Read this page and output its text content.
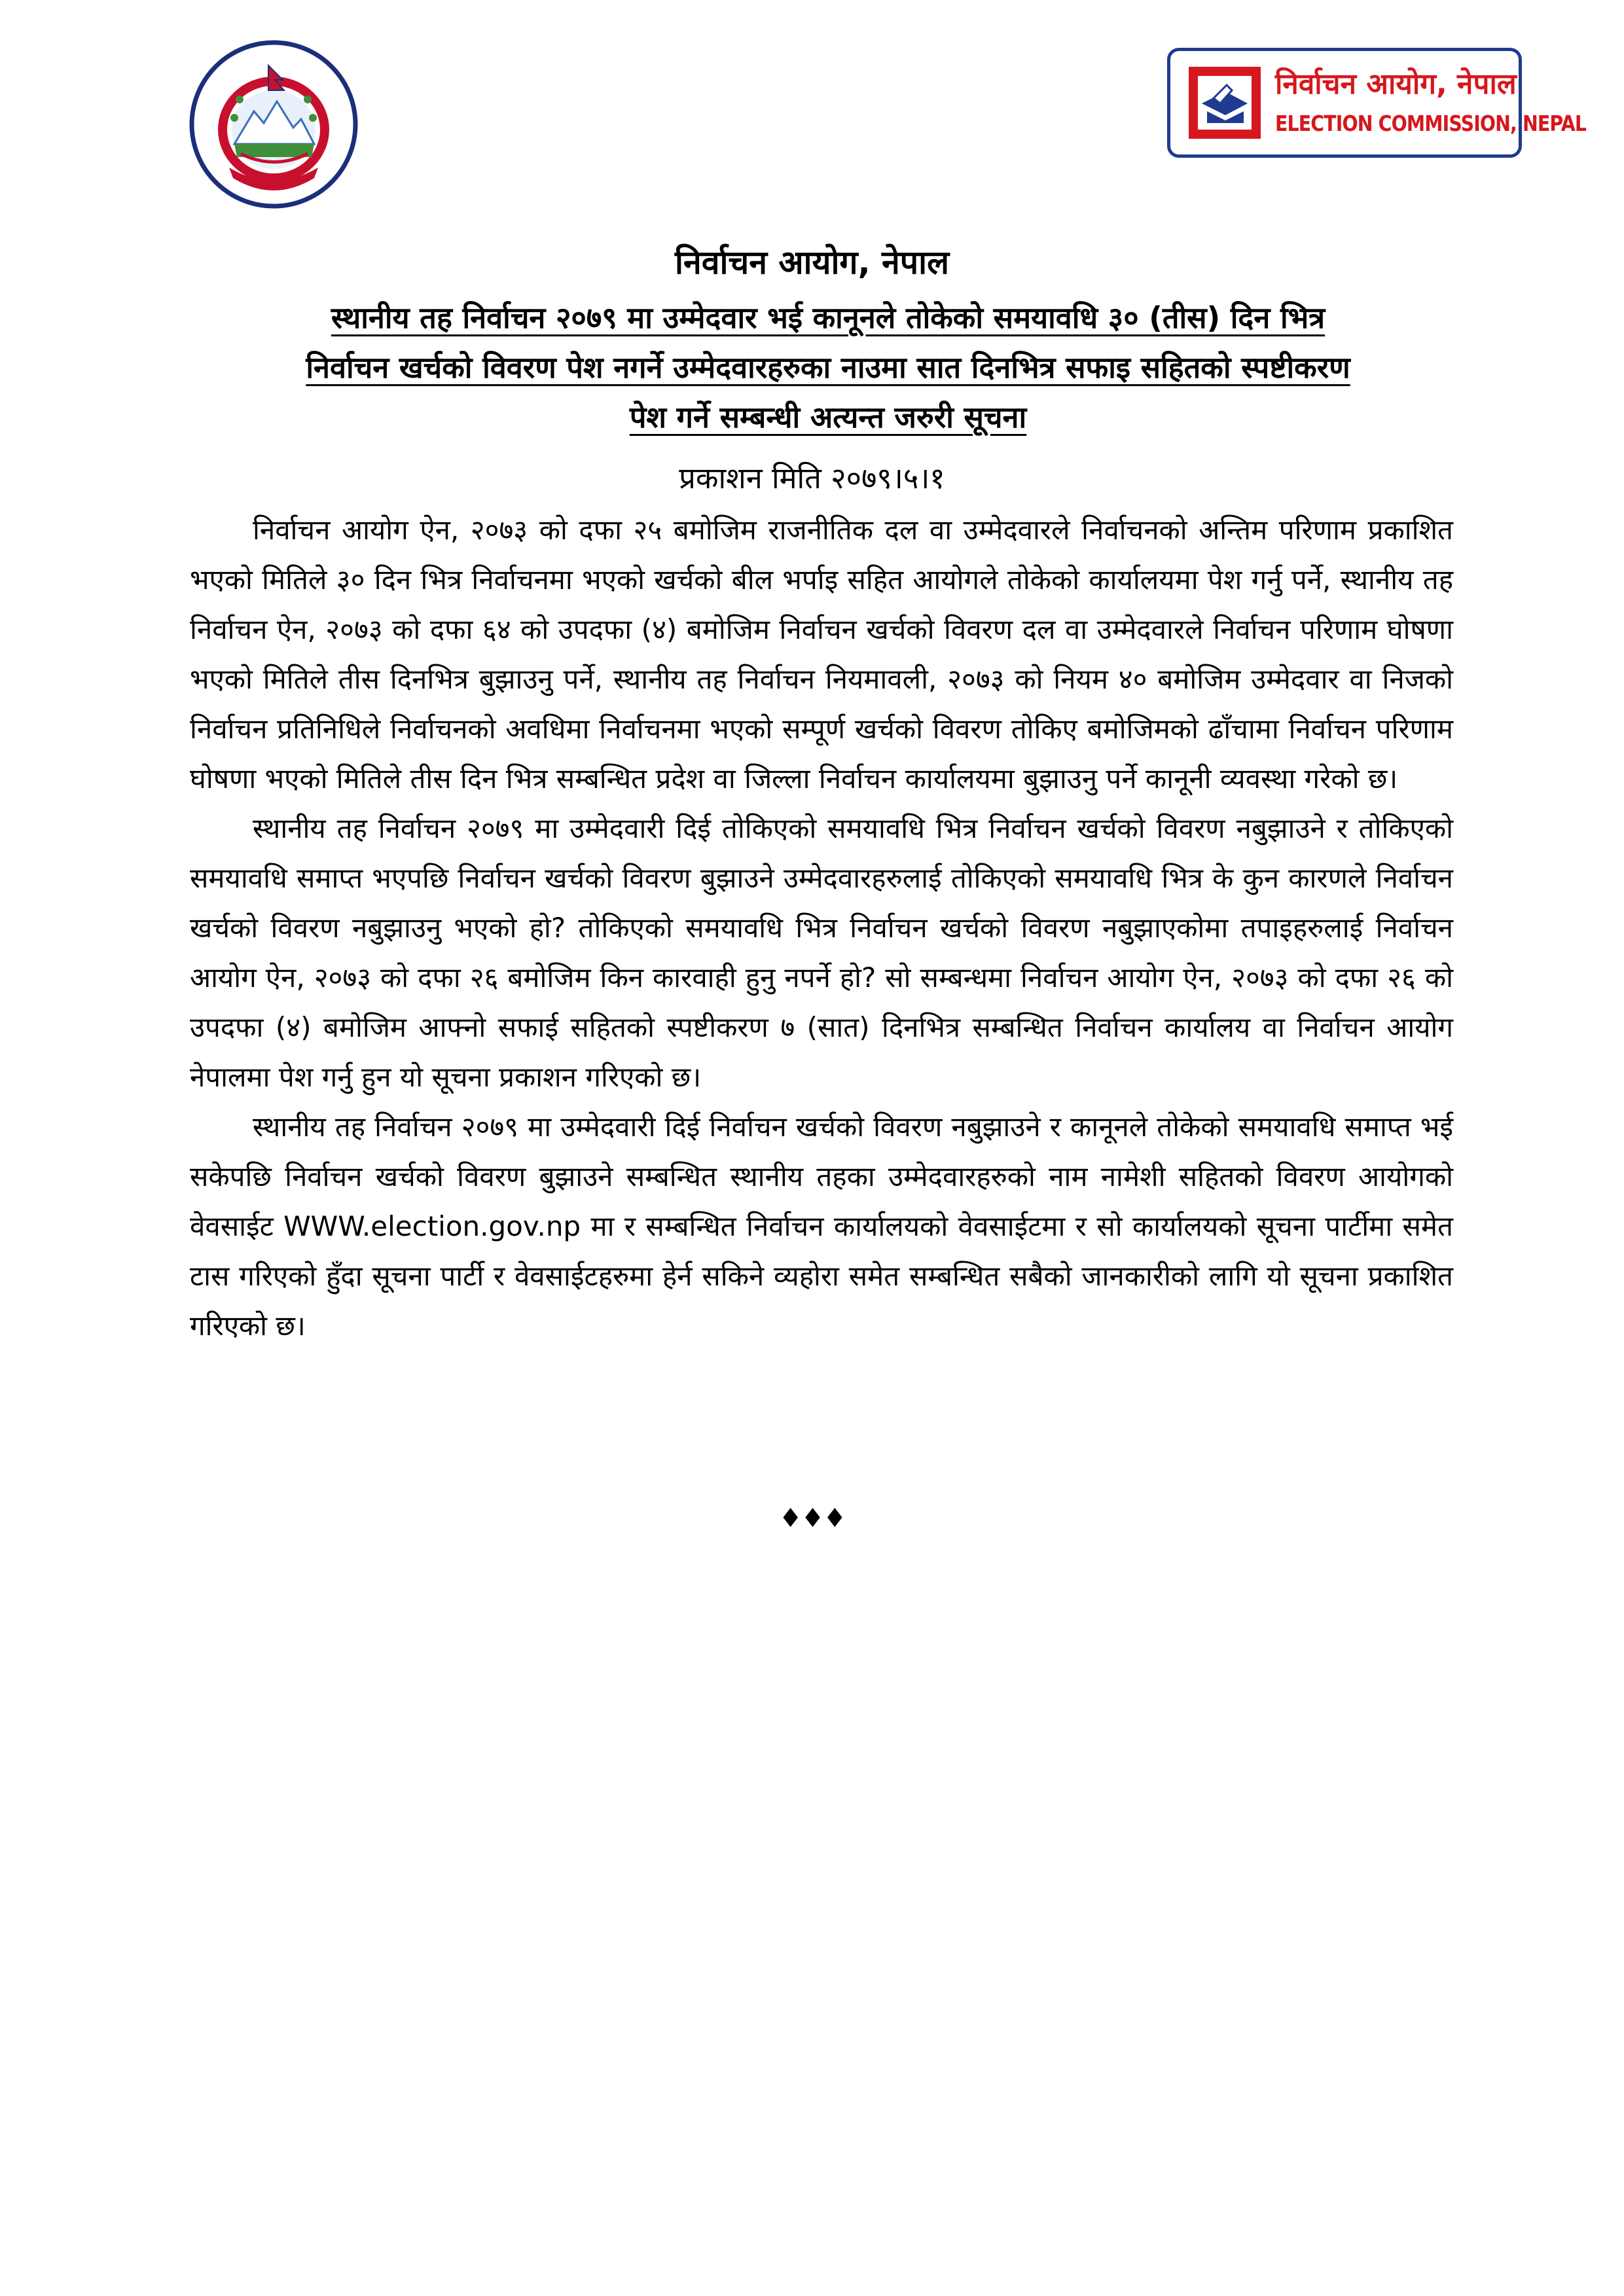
निर्वाचन आयोग, नेपाल
ELECTION COMMISSION, NEPAL
निर्वाचन आयोग, नेपाल
स्थानीय तह निर्वाचन २०७९ मा उम्मेदवार भई कानूनले तोकेको समयावधि ३० (तीस) दिन भित्र
निर्वाचन खर्चको विवरण पेश नगर्ने उम्मेदवारहरुका नाउमा सात दिनभित्र सफाइ सहितको स्पष्टीकरण
पेश गर्ने सम्बन्धी अत्यन्त जरुरी सूचना
प्रकाशन मिति २०७९।५।१

निर्वाचन आयोग ऐन, २०७३ को दफा २५ बमोजिम राजनीतिक दल वा उम्मेदवारले निर्वाचनको अन्तिम परिणाम प्रकाशित भएको मितिले ३० दिन भित्र निर्वाचनमा भएको खर्चको बील भर्पाइ सहित आयोगले तोकेको कार्यालयमा पेश गर्नु पर्ने, स्थानीय तह निर्वाचन ऐन, २०७३ को दफा ६४ को उपदफा (४) बमोजिम निर्वाचन खर्चको विवरण दल वा उम्मेदवारले निर्वाचन परिणाम घोषणा भएको मितिले तीस दिनभित्र बुझाउनु पर्ने, स्थानीय तह निर्वाचन नियमावली, २०७३ को नियम ४० बमोजिम उम्मेदवार वा निजको निर्वाचन प्रतिनिधिले निर्वाचनको अवधिमा निर्वाचनमा भएको सम्पूर्ण खर्चको विवरण तोकिए बमोजिमको ढाँचामा निर्वाचन परिणाम घोषणा भएको मितिले तीस दिन भित्र सम्बन्धित प्रदेश वा जिल्ला निर्वाचन कार्यालयमा बुझाउनु पर्ने कानूनी व्यवस्था गरेको छ।

स्थानीय तह निर्वाचन २०७९ मा उम्मेदवारी दिई तोकिएको समयावधि भित्र निर्वाचन खर्चको विवरण नबुझाउने र तोकिएको समयावधि समाप्त भएपछि निर्वाचन खर्चको विवरण बुझाउने उम्मेदवारहरुलाई तोकिएको समयावधि भित्र के कुन कारणले निर्वाचन खर्चको विवरण नबुझाउनु भएको हो? तोकिएको समयावधि भित्र निर्वाचन खर्चको विवरण नबुझाएकोमा तपाइहरुलाई निर्वाचन आयोग ऐन, २०७३ को दफा २६ बमोजिम किन कारवाही हुनु नपर्ने हो? सो सम्बन्धमा निर्वाचन आयोग ऐन, २०७३ को दफा २६ को उपदफा (४) बमोजिम आफ्नो सफाई सहितको स्पष्टीकरण ७ (सात) दिनभित्र सम्बन्धित निर्वाचन कार्यालय वा निर्वाचन आयोग नेपालमा पेश गर्नु हुन यो सूचना प्रकाशन गरिएको छ।

स्थानीय तह निर्वाचन २०७९ मा उम्मेदवारी दिई निर्वाचन खर्चको विवरण नबुझाउने र कानूनले तोकेको समयावधि समाप्त भई सकेपछि निर्वाचन खर्चको विवरण बुझाउने सम्बन्धित स्थानीय तहका उम्मेदवारहरुको नाम नामेशी सहितको विवरण आयोगको वेवसाईट WWW.election.gov.np मा र सम्बन्धित निर्वाचन कार्यालयको वेवसाईटमा र सो कार्यालयको सूचना पार्टीमा समेत टास गरिएको हुँदा सूचना पार्टी र वेवसाईटहरुमा हेर्न सकिने व्यहोरा समेत सम्बन्धित सबैको जानकारीको लागि यो सूचना प्रकाशित गरिएको छ।

♦♦♦
